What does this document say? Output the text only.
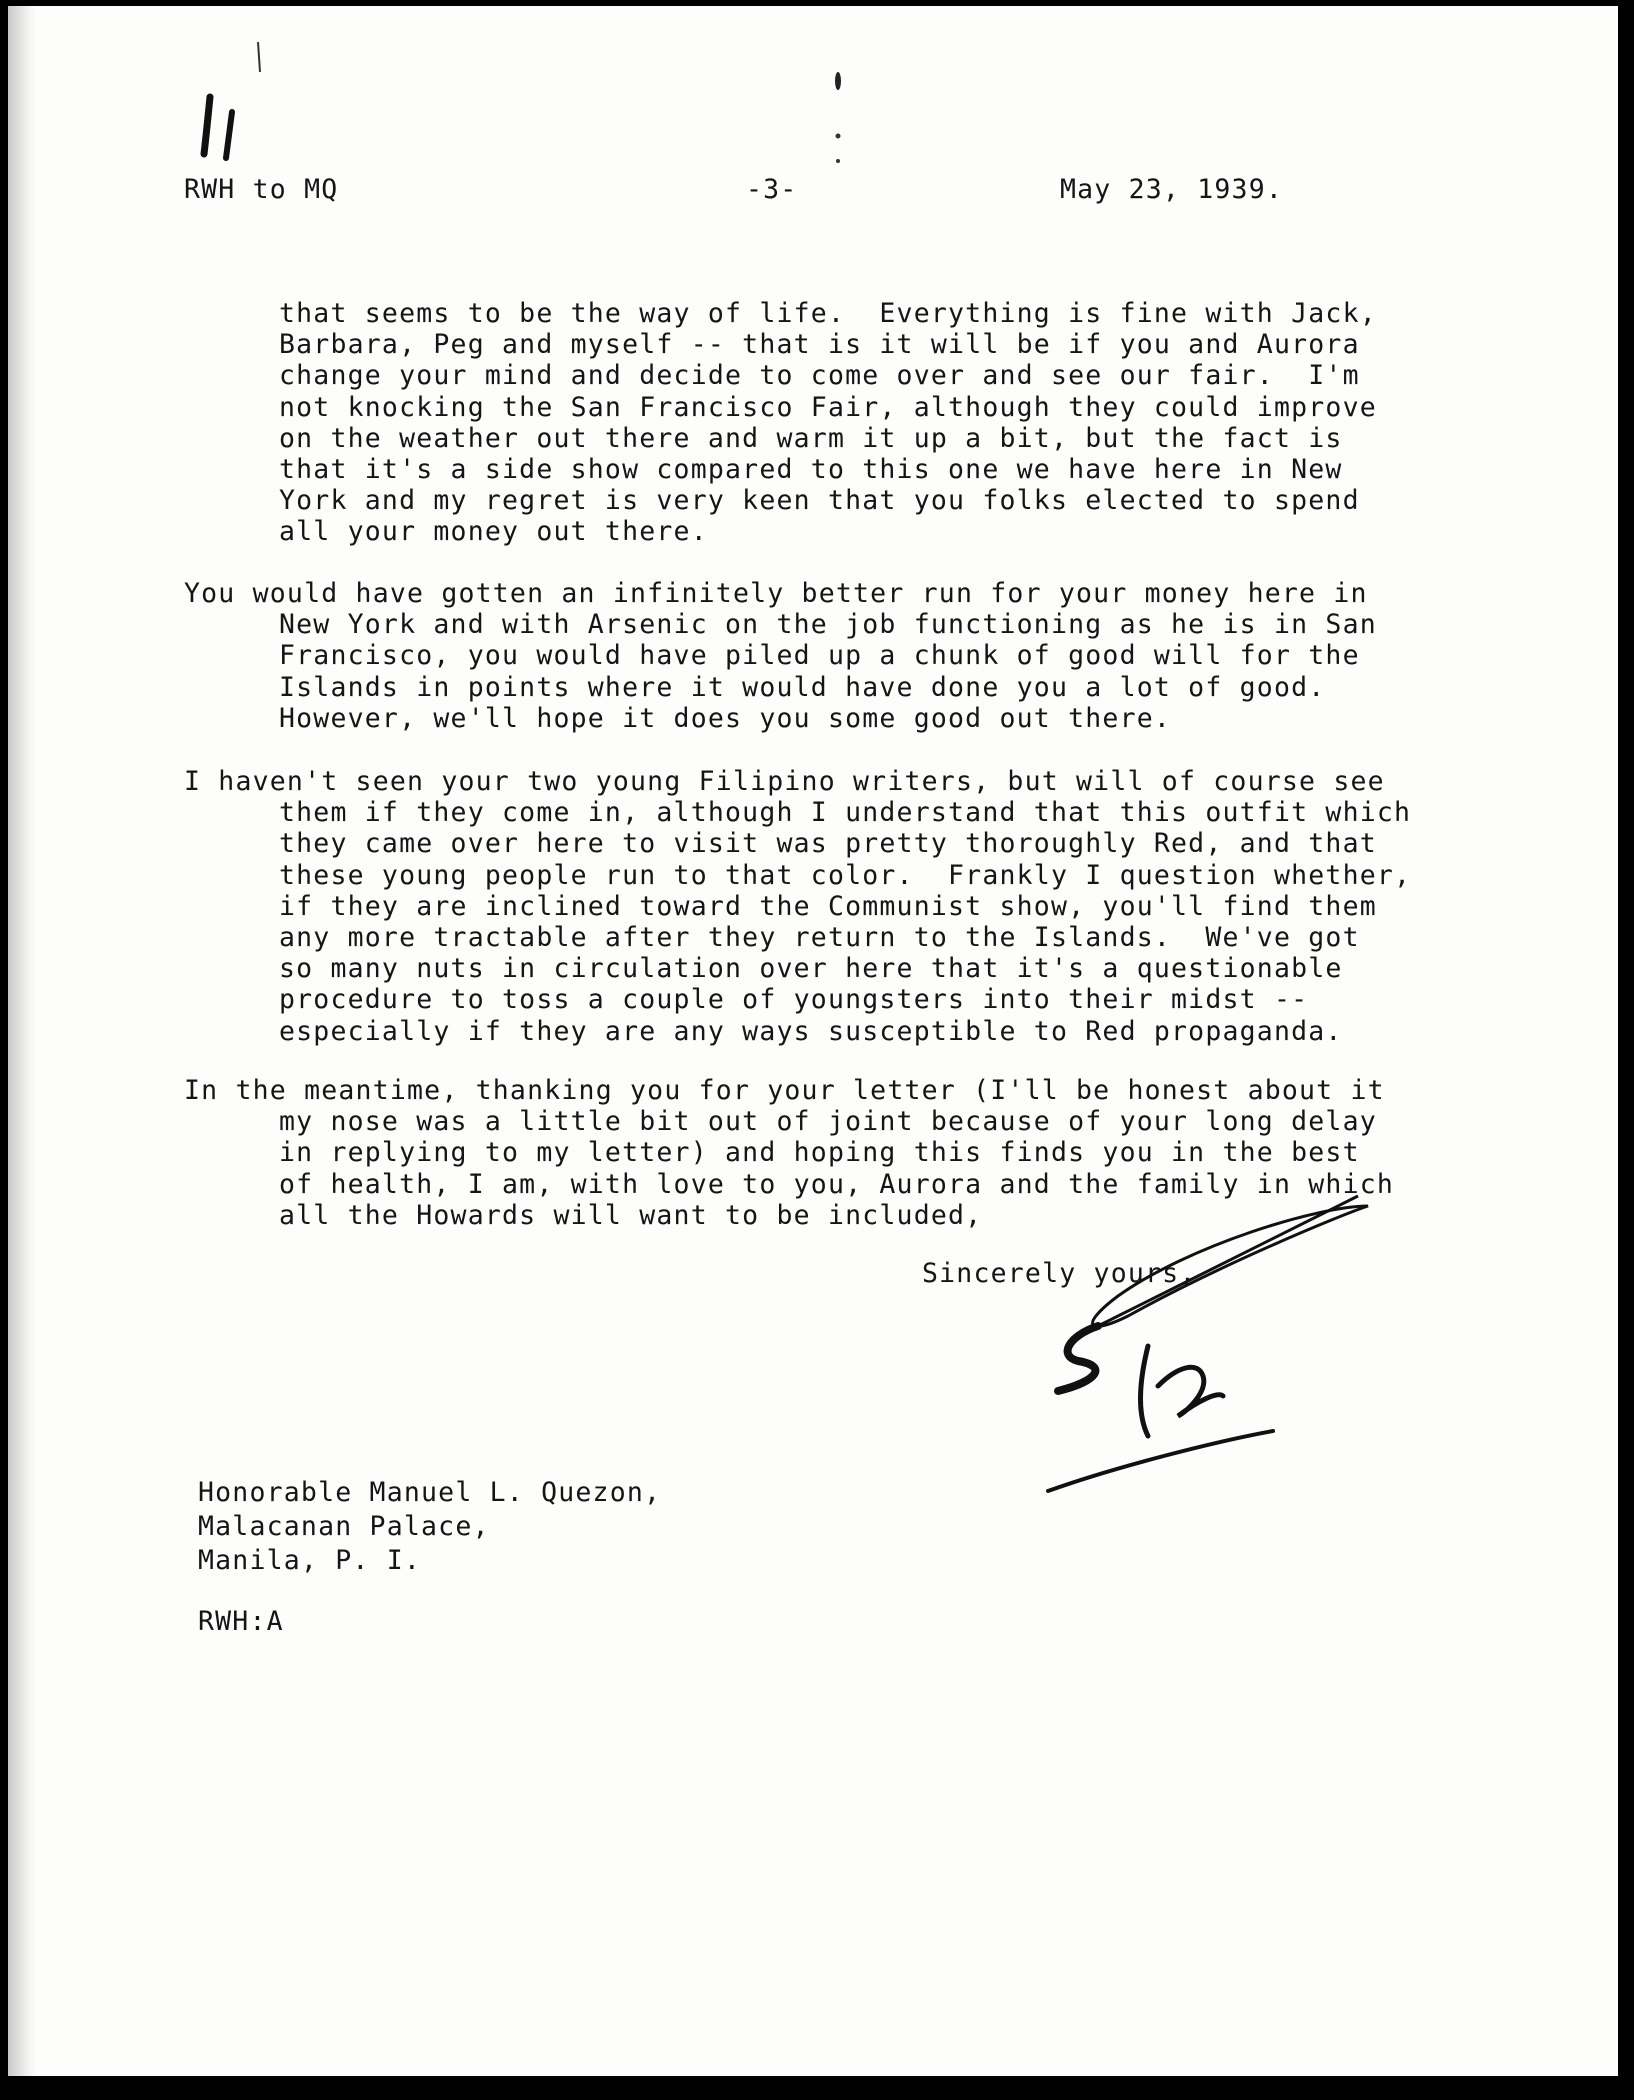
RWH to MQ	-3-	May 23, 1939.

that seems to be the way of life.  Everything is fine with Jack,
Barbara, Peg and myself -- that is it will be if you and Aurora
change your mind and decide to come over and see our fair.  I'm
not knocking the San Francisco Fair, although they could improve
on the weather out there and warm it up a bit, but the fact is
that it's a side show compared to this one we have here in New
York and my regret is very keen that you folks elected to spend
all your money out there.
You would have gotten an infinitely better run for your money here in
New York and with Arsenic on the job functioning as he is in San
Francisco, you would have piled up a chunk of good will for the
Islands in points where it would have done you a lot of good.
However, we'll hope it does you some good out there.
I haven't seen your two young Filipino writers, but will of course see
them if they come in, although I understand that this outfit which
they came over here to visit was pretty thoroughly Red, and that
these young people run to that color.  Frankly I question whether,
if they are inclined toward the Communist show, you'll find them
any more tractable after they return to the Islands.  We've got
so many nuts in circulation over here that it's a questionable
procedure to toss a couple of youngsters into their midst --
especially if they are any ways susceptible to Red propaganda.
In the meantime, thanking you for your letter (I'll be honest about it
my nose was a little bit out of joint because of your long delay
in replying to my letter) and hoping this finds you in the best
of health, I am, with love to you, Aurora and the family in which
all the Howards will want to be included,

Sincerely yours,

Honorable Manuel L. Quezon,
Malacanan Palace,
Manila, P. I.

RWH:A
